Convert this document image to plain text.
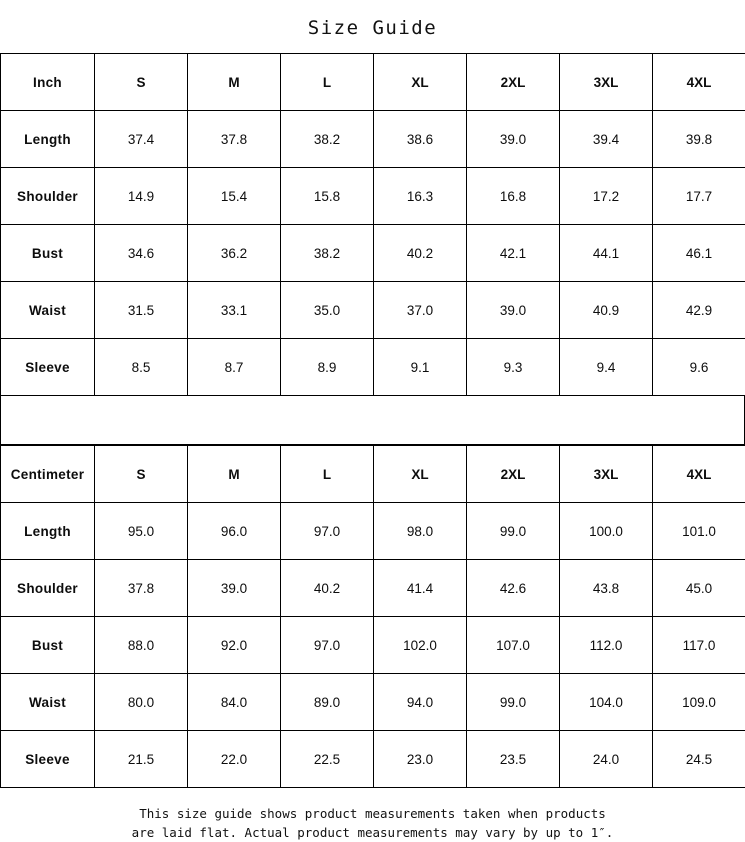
Size Guide
Inch	S	M	L	XL	2XL	3XL	4XL
Length	37.4	37.8	38.2	38.6	39.0	39.4	39.8
Shoulder	14.9	15.4	15.8	16.3	16.8	17.2	17.7
Bust	34.6	36.2	38.2	40.2	42.1	44.1	46.1
Waist	31.5	33.1	35.0	37.0	39.0	40.9	42.9
Sleeve	8.5	8.7	8.9	9.1	9.3	9.4	9.6
Centimeter	S	M	L	XL	2XL	3XL	4XL
Length	95.0	96.0	97.0	98.0	99.0	100.0	101.0
Shoulder	37.8	39.0	40.2	41.4	42.6	43.8	45.0
Bust	88.0	92.0	97.0	102.0	107.0	112.0	117.0
Waist	80.0	84.0	89.0	94.0	99.0	104.0	109.0
Sleeve	21.5	22.0	22.5	23.0	23.5	24.0	24.5
This size guide shows product measurements taken when products
are laid flat. Actual product measurements may vary by up to 1″.
